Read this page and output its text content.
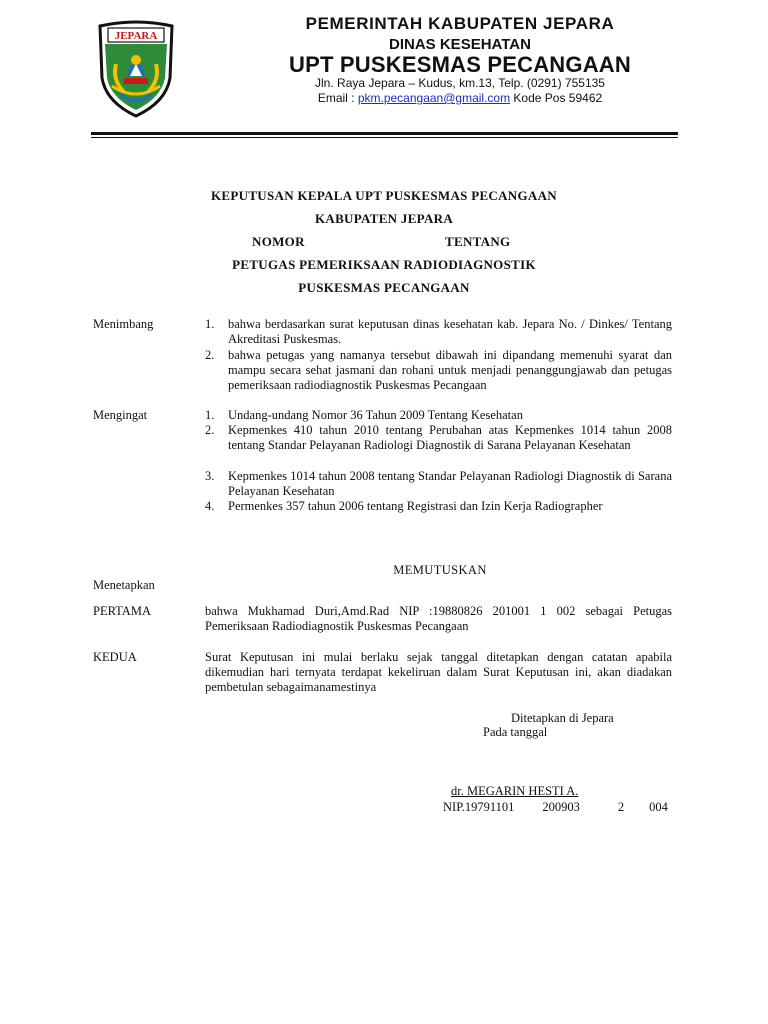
JEPARA
PEMERINTAH KABUPATEN JEPARA
DINAS KESEHATAN
UPT PUSKESMAS PECANGAAN
Jln. Raya Jepara – Kudus, km.13, Telp. (0291) 755135
Email : pkm.pecangaan@gmail.com Kode Pos 59462
KEPUTUSAN KEPALA UPT PUSKESMAS PECANGAAN
KABUPATEN JEPARA
NOMOR	TENTANG
PETUGAS PEMERIKSAAN RADIODIAGNOSTIK
PUSKESMAS PECANGAAN
Menimbang	1.	bahwa berdasarkan surat keputusan dinas kesehatan kab. Jepara No. / Dinkes/ Tentang Akreditasi Puskesmas.
2.	bahwa petugas yang namanya tersebut dibawah ini dipandang memenuhi syarat dan mampu secara sehat jasmani dan rohani untuk menjadi penanggungjawab dan petugas pemeriksaan radiodiagnostik Puskesmas Pecangaan
Mengingat	1.	Undang-undang Nomor 36 Tahun 2009 Tentang Kesehatan
2.	Kepmenkes 410 tahun 2010 tentang Perubahan atas Kepmenkes 1014 tahun 2008 tentang Standar Pelayanan Radiologi Diagnostik di Sarana Pelayanan Kesehatan
3.	Kepmenkes 1014 tahun 2008 tentang Standar Pelayanan Radiologi Diagnostik di Sarana Pelayanan Kesehatan
4.	Permenkes 357 tahun 2006 tentang Registrasi dan Izin Kerja Radiographer
MEMUTUSKAN
Menetapkan
PERTAMA	bahwa Mukhamad Duri,Amd.Rad NIP :19880826 201001 1 002 sebagai Petugas Pemeriksaan Radiodiagnostik Puskesmas Pecangaan
KEDUA	Surat Keputusan ini mulai berlaku sejak tanggal ditetapkan dengan catatan apabila dikemudian hari ternyata terdapat kekeliruan dalam Surat Keputusan ini, akan diadakan pembetulan sebagaimanamestinya
Ditetapkan di Jepara
Pada tanggal
dr. MEGARIN HESTI A.
NIP.19791101 200903	2 004
